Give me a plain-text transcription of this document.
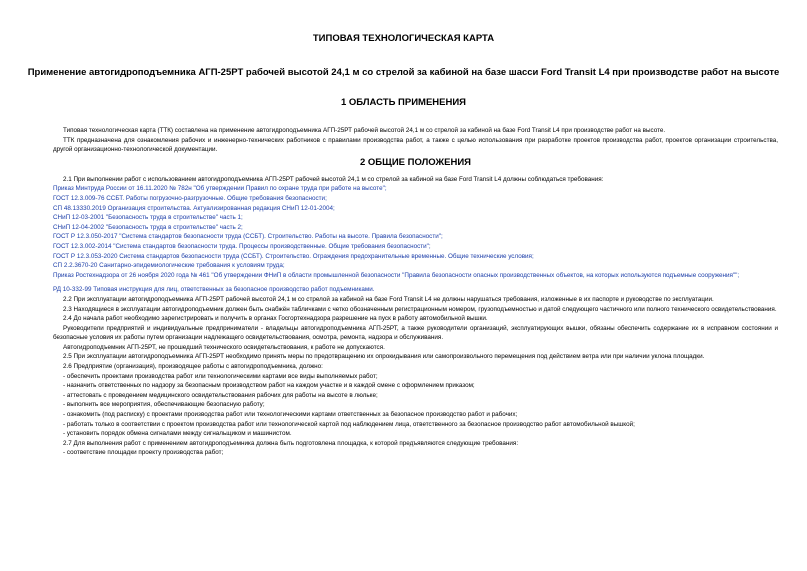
ТИПОВАЯ ТЕХНОЛОГИЧЕСКАЯ КАРТА
Применение автогидроподъемника АГП-25РТ рабочей высотой 24,1 м со стрелой за кабиной на базе шасси Ford Transit L4 при производстве работ на высоте
1 ОБЛАСТЬ ПРИМЕНЕНИЯ

Типовая технологическая карта (ТТК) составлена на применение автогидроподъемника АГП-25РТ рабочей высотой 24,1 м со стрелой за кабиной на базе Ford Transit L4 при производстве работ на высоте.

ТТК предназначена для ознакомления рабочих и инженерно-технических работников с правилами производства работ, а также с целью использования при разработке проектов производства работ, проектов организации строительства, другой организационно-технологической документации.

2 ОБЩИЕ ПОЛОЖЕНИЯ

2.1 При выполнении работ с использованием автогидроподъемника АГП-25РТ рабочей высотой 24,1 м со стрелой за кабиной на базе Ford Transit L4 должны соблюдаться требования:

Приказ Минтруда России от 16.11.2020 № 782н "Об утверждении Правил по охране труда при работе на высоте";

ГОСТ 12.3.009-76 ССБТ. Работы погрузочно-разгрузочные. Общие требования безопасности;

СП 48.13330.2019 Организация строительства. Актуализированная редакция СНиП 12-01-2004;

СНиП 12-03-2001 "Безопасность труда в строительстве" часть 1;

СНиП 12-04-2002 "Безопасность труда в строительстве" часть 2;

ГОСТ Р 12.3.050-2017 "Система стандартов безопасности труда (ССБТ). Строительство. Работы на высоте. Правила безопасности";

ГОСТ 12.3.002-2014 "Система стандартов безопасности труда. Процессы производственные. Общие требования безопасности";

ГОСТ Р 12.3.053-2020 Система стандартов безопасности труда (ССБТ). Строительство. Ограждения предохранительные временные. Общие технические условия;

СП 2.2.3670-20 Санитарно-эпидемиологические требования к условиям труда;

Приказ Ростехнадзора от 26 ноября 2020 года № 461 "Об утверждении ФНиП в области промышленной безопасности "Правила безопасности опасных производственных объектов, на которых используются подъемные сооружения"";

РД 10-332-99 Типовая инструкция для лиц, ответственных за безопасное производство работ подъемниками.

2.2 При эксплуатации автогидроподъемника АГП-25РТ рабочей высотой 24,1 м со стрелой за кабиной на базе Ford Transit L4 не должны нарушаться требования, изложенные в их паспорте и руководстве по эксплуатации.

2.3 Находящиеся в эксплуатации автогидроподъемник должен быть снабжён табличками с четко обозначенным регистрационным номером, грузоподъемностью и датой следующего частичного или полного технического освидетельствования.

2.4 До начала работ необходимо зарегистрировать и получить в органах Госгортехнадзора разрешение на пуск в работу автомобильной вышки.

Руководители предприятий и индивидуальные предприниматели - владельцы автогидроподъемника АГП-25РТ, а также руководители организаций, эксплуатирующих вышки, обязаны обеспечить содержание их в исправном состоянии и безопасные условия их работы путем организации надлежащего освидетельствования, осмотра, ремонта, надзора и обслуживания.

Автогидроподъемник АГП-25РТ, не прошедший технического освидетельствования, к работе не допускаются.

2.5 При эксплуатации автогидроподъемника АГП-25РТ необходимо принять меры по предотвращению их опрокидывания или самопроизвольного перемещения под действием ветра или при наличии уклона площадки.

2.6 Предприятие (организация), производящее работы с автогидроподъемника, должно:

- обеспечить проектами производства работ или технологическими картами все виды выполняемых работ;

- назначить ответственных по надзору за безопасным производством работ на каждом участке и в каждой смене с оформлением приказом;

- аттестовать с проведением медицинского освидетельствования рабочих для работы на высоте в люльке;

- выполнить все мероприятия, обеспечивающие безопасную работу;

- ознакомить (под расписку) с проектами производства работ или технологическими картами ответственных за безопасное производство работ и рабочих;

- работать только в соответствии с проектом производства работ или технологической картой под наблюдением лица, ответственного за безопасное производство работ автомобильной вышкой;

- установить порядок обмена сигналами между сигнальщиком и машинистом.

2.7 Для выполнения работ с применением автогидроподъемника должна быть подготовлена площадка, к которой предъявляются следующие требования:

- соответствие площадки проекту производства работ;
